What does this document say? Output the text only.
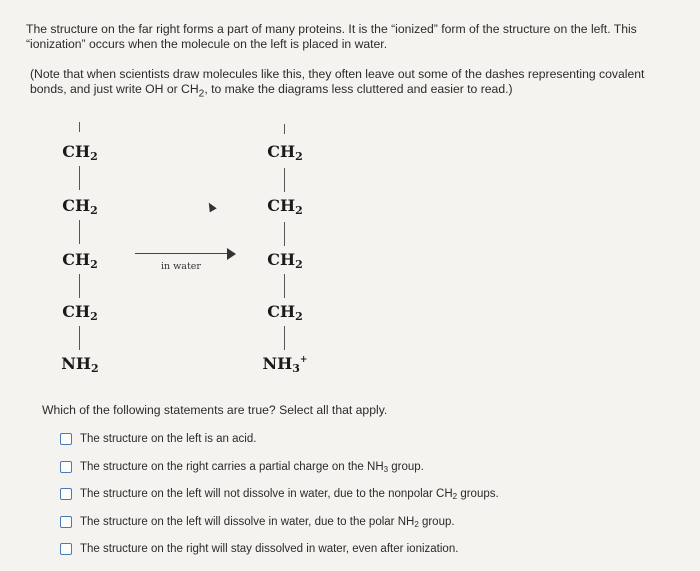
The structure on the far right forms a part of many proteins. It is the “ionized” form of the structure on the left. This
“ionization” occurs when the molecule on the left is placed in water.

(Note that when scientists draw molecules like this, they often leave out some of the dashes representing covalent
bonds, and just write OH or $CH_2$, to make the diagrams less cluttered and easier to read.)

$CH_2$
$CH_2$
$CH_2$
$CH_2$
$NH_2$
in water
$CH_2$
$CH_2$
$CH_2$
$CH_2$
$NH_3^+$

Which of the following statements are true? Select all that apply.

The structure on the left is an acid.
The structure on the right carries a partial charge on the $NH_3$ group.
The structure on the left will not dissolve in water, due to the nonpolar $CH_2$ groups.
The structure on the left will dissolve in water, due to the polar $NH_2$ group.
The structure on the right will stay dissolved in water, even after ionization.
